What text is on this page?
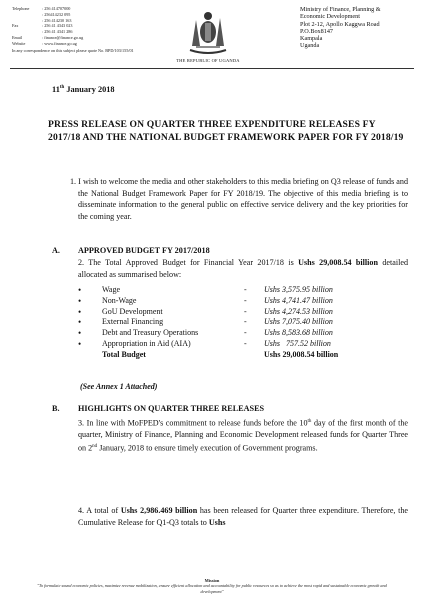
Telephone	: 256 414707000
: 256414232 095
: 256 414230 163
Fax	: 256 41 4343 023
: 256 41 4341 286
Email	: finance@finance.go.ug
Website	: www.finance.go.ug
In any correspondence on this subject please quote No. BPD/103/155/01
THE REPUBLIC OF UGANDA
Ministry of Finance, Planning &
Economic Development
Plot 2-12, Apollo Kaggwa Road
P.O.Box8147
Kampala
Uganda
11th January 2018
PRESS RELEASE ON QUARTER THREE EXPENDITURE RELEASES FY 2017/18 AND THE NATIONAL BUDGET FRAMEWORK PAPER FOR FY 2018/19
1. I wish to welcome the media and other stakeholders to this media briefing on Q3 release of funds and the National Budget Framework Paper for FY 2018/19. The objective of this media briefing is to disseminate information to the general public on effective service delivery and the key priorities for the coming year.
A. APPROVED BUDGET FY 2017/2018
2. The Total Approved Budget for Financial Year 2017/18 is Ushs 29,008.54 billion detailed allocated as summarised below:
•	Wage	-	Ushs 3,575.95 billion
•	Non-Wage	-	Ushs 4,741.47 billion
•	GoU Development	-	Ushs 4,274.53 billion
•	External Financing	-	Ushs 7,075.40 billion
•	Debt and Treasury Operations	-	Ushs 8,583.68 billion
•	Appropriation in Aid (AIA)	-	Ushs   757.52 billion
Total Budget	Ushs 29,008.54 billion
(See Annex 1 Attached)
B. HIGHLIGHTS ON QUARTER THREE RELEASES
3. In line with MoFPED's commitment to release funds before the 10th day of the first month of the quarter, Ministry of Finance, Planning and Economic Development released funds for Quarter Three on 2nd January, 2018 to ensure timely execution of Government programs.
4. A total of Ushs 2,986.469 billion has been released for Quarter three expenditure. Therefore, the Cumulative Release for Q1-Q3 totals to Ushs
Mission
"To formulate sound economic policies, maximize revenue mobilization, ensure efficient allocation and accountability for public resources so as to achieve the most rapid and sustainable economic growth and development"
